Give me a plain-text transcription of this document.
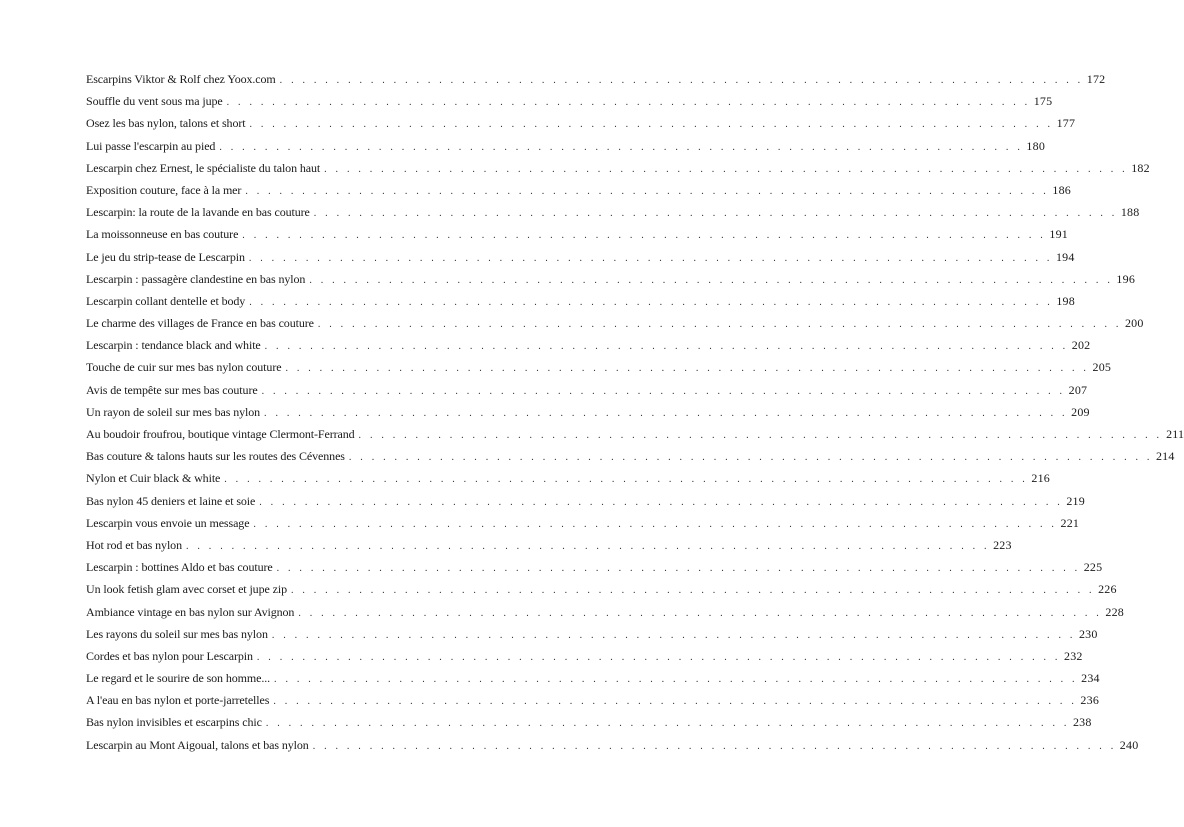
Escarpins Viktor & Rolf chez Yoox.com . . .	172
Souffle du vent sous ma jupe . . .	175
Osez les bas nylon, talons et short . . .	177
Lui passe l'escarpin au pied . . .	180
Lescarpin chez Ernest, le spécialiste du talon haut . . .	182
Exposition couture, face à la mer . . .	186
Lescarpin: la route de la lavande en bas couture . . .	188
La moissonneuse en bas couture . . .	191
Le jeu du strip-tease de Lescarpin . . .	194
Lescarpin : passagère clandestine en bas nylon . . .	196
Lescarpin collant dentelle et body . . .	198
Le charme des villages de France en bas couture . . .	200
Lescarpin : tendance black and white . . .	202
Touche de cuir sur mes bas nylon couture . . .	205
Avis de tempête sur mes bas couture . . .	207
Un rayon de soleil sur mes bas nylon . . .	209
Au boudoir froufrou, boutique vintage Clermont-Ferrand . . .	211
Bas couture & talons hauts sur les routes des Cévennes . . .	214
Nylon et Cuir black & white . . .	216
Bas nylon 45 deniers et laine et soie . . .	219
Lescarpin vous envoie un message . . .	221
Hot rod et bas nylon . . .	223
Lescarpin : bottines Aldo et bas couture . . .	225
Un look fetish glam avec corset et jupe zip . . .	226
Ambiance vintage en bas nylon sur Avignon . . .	228
Les rayons du soleil sur mes bas nylon . . .	230
Cordes et bas nylon pour Lescarpin . . .	232
Le regard et le sourire de son homme... . . .	234
A l'eau en bas nylon et porte-jarretelles . . .	236
Bas nylon invisibles et escarpins chic . . .	238
Lescarpin au Mont Aigoual, talons et bas nylon . . .	240
